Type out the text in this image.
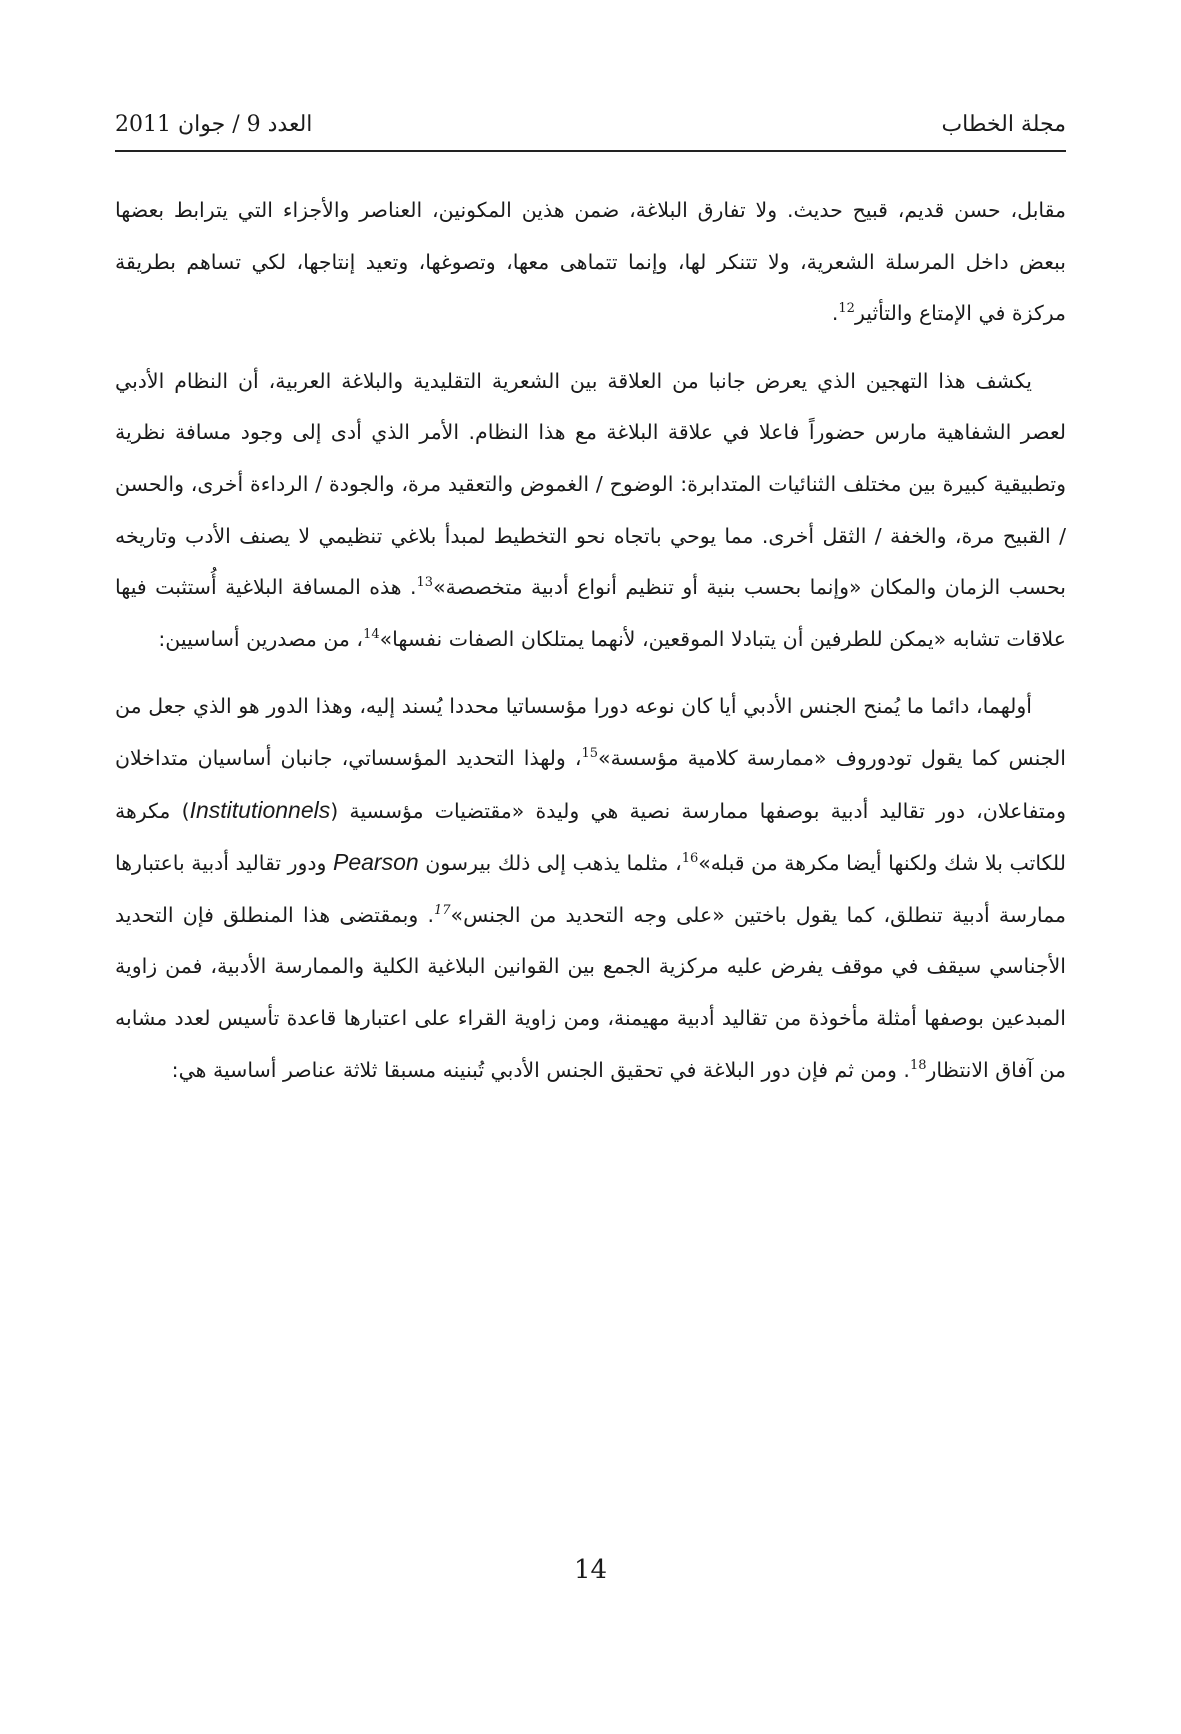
مجلة الخطاب
العدد 9 / جوان 2011

مقابل، حسن قديم، قبيح حديث. ولا تفارق البلاغة، ضمن هذين المكونين، العناصر والأجزاء التي يترابط بعضها ببعض داخل المرسلة الشعرية، ولا تتنكر لها، وإنما تتماهى معها، وتصوغها، وتعيد إنتاجها، لكي تساهم بطريقة مركزة في الإمتاع والتأثير$^{12}$.

يكشف هذا التهجين الذي يعرض جانبا من العلاقة بين الشعرية التقليدية والبلاغة العربية، أن النظام الأدبي لعصر الشفاهية مارس حضوراً فاعلا في علاقة البلاغة مع هذا النظام. الأمر الذي أدى إلى وجود مسافة نظرية وتطبيقية كبيرة بين مختلف الثنائيات المتدابرة: الوضوح / الغموض والتعقيد مرة، والجودة / الرداءة أخرى، والحسن / القبيح مرة، والخفة / الثقل أخرى. مما يوحي باتجاه نحو التخطيط لمبدأ بلاغي تنظيمي لا يصنف الأدب وتاريخه بحسب الزمان والمكان «وإنما بحسب بنية أو تنظيم أنواع أدبية متخصصة»$^{13}$. هذه المسافة البلاغية أُستثبت فيها علاقات تشابه «يمكن للطرفين أن يتبادلا الموقعين، لأنهما يمتلكان الصفات نفسها»$^{14}$، من مصدرين أساسيين:

أولهما، دائما ما يُمنح الجنس الأدبي أيا كان نوعه دورا مؤسساتيا محددا يُسند إليه، وهذا الدور هو الذي جعل من الجنس كما يقول تودوروف «ممارسة كلامية مؤسسة»$^{15}$، ولهذا التحديد المؤسساتي، جانبان أساسيان متداخلان ومتفاعلان، دور تقاليد أدبية بوصفها ممارسة نصية هي وليدة «مقتضيات مؤسسية (Institutionnels) مكرهة للكاتب بلا شك ولكنها أيضا مكرهة من قبله»$^{16}$، مثلما يذهب إلى ذلك بيرسون Pearson ودور تقاليد أدبية باعتبارها ممارسة أدبية تنطلق، كما يقول باختين «على وجه التحديد من الجنس»$^{17}$. وبمقتضى هذا المنطلق فإن التحديد الأجناسي سيقف في موقف يفرض عليه مركزية الجمع بين القوانين البلاغية الكلية والممارسة الأدبية، فمن زاوية المبدعين بوصفها أمثلة مأخوذة من تقاليد أدبية مهيمنة، ومن زاوية القراء على اعتبارها قاعدة تأسيس لعدد مشابه من آفاق الانتظار$^{18}$. ومن ثم فإن دور البلاغة في تحقيق الجنس الأدبي تُبنينه مسبقا ثلاثة عناصر أساسية هي:

14
